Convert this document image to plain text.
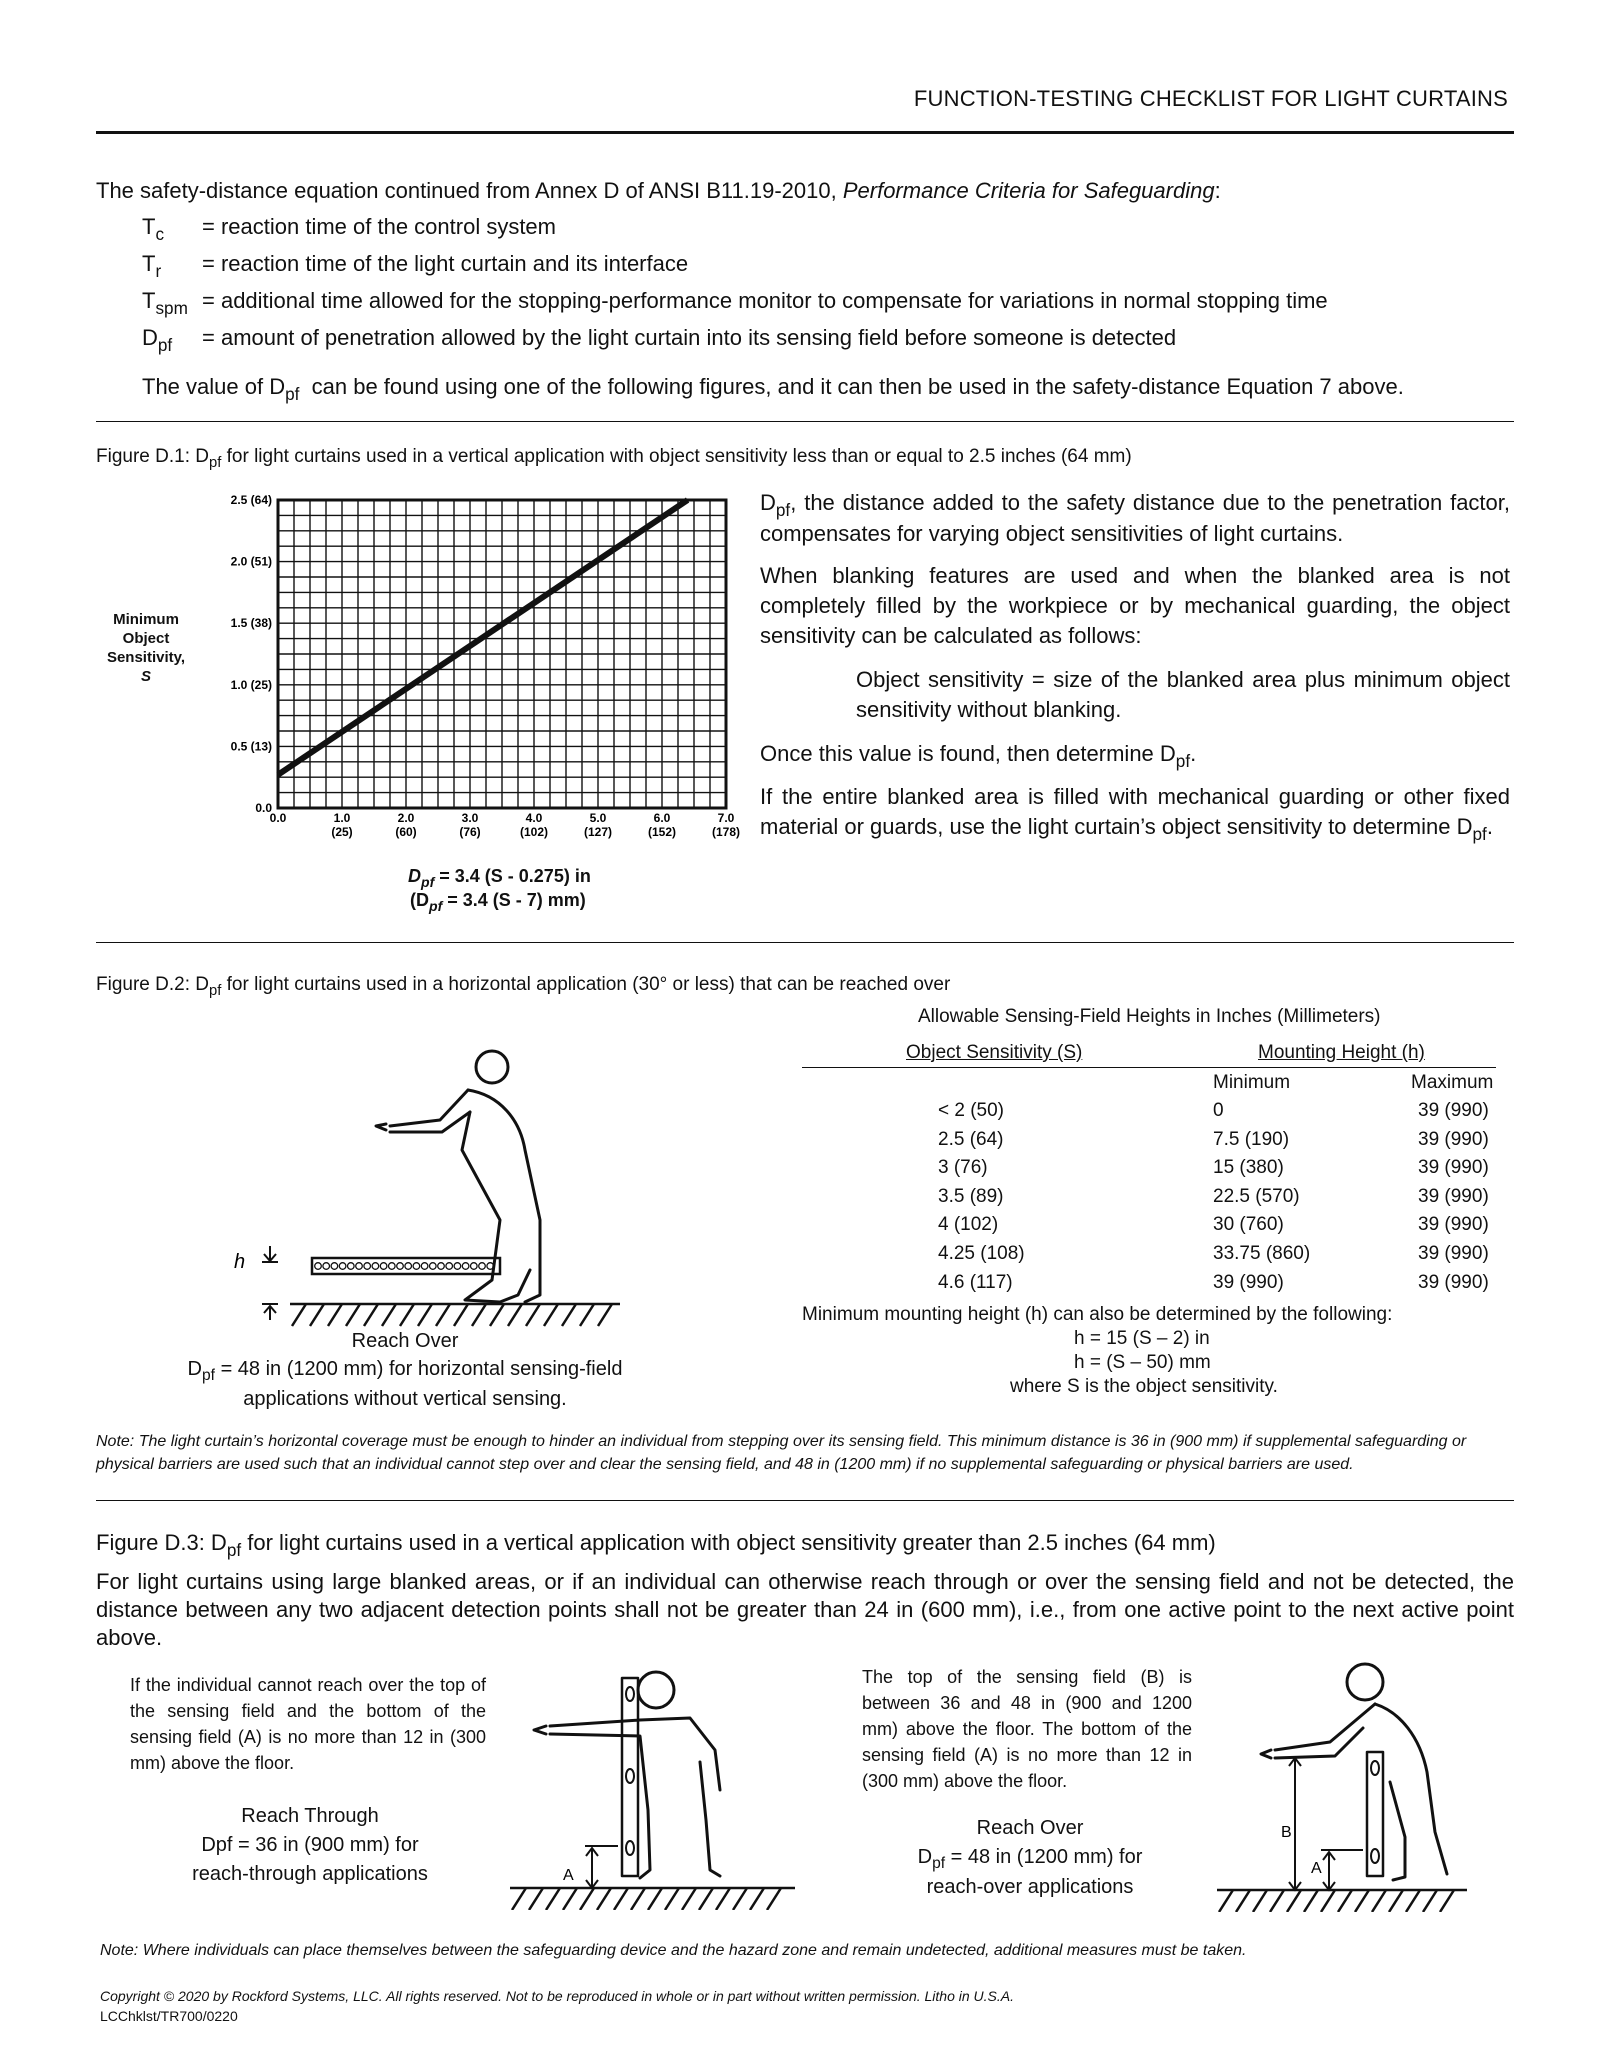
FUNCTION-TESTING CHECKLIST FOR LIGHT CURTAINS
The safety-distance equation continued from Annex D of ANSI B11.19-2010, Performance Criteria for Safeguarding:
$T_c$ = reaction time of the control system
$T_r$ = reaction time of the light curtain and its interface
$T_{spm}$ = additional time allowed for the stopping-performance monitor to compensate for variations in normal stopping time
$D_{pf}$ = amount of penetration allowed by the light curtain into its sensing field before someone is detected
The value of $D_{pf}$ can be found using one of the following figures, and it can then be used in the safety-distance Equation 7 above.
Figure D.1: $D_{pf}$ for light curtains used in a vertical application with object sensitivity less than or equal to 2.5 inches (64 mm)
Minimum
Object
Sensitivity,
S
0.0
0.5 (13)
1.0 (25)
1.5 (38)
2.0 (51)
2.5 (64)
0.0	1.0
(25)
2.0
(60)
3.0
(76)
4.0
(102)
5.0
(127)
6.0
(152)
7.0
(178)
$D_{pf} = 3.4$ (S - 0.275) in
($D_{pf} = 3.4$ (S - 7) mm)
$D_{pf}$, the distance added to the safety distance due to the penetration factor, compensates for varying object sensitivities of light curtains.
When blanking features are used and when the blanked area is not completely filled by the workpiece or by mechanical guarding, the object sensitivity can be calculated as follows:
Object sensitivity = size of the blanked area plus minimum object sensitivity without blanking.
Once this value is found, then determine $D_{pf}$.
If the entire blanked area is filled with mechanical guarding or other fixed material or guards, use the light curtain’s object sensitivity to determine $D_{pf}$.
Figure D.2: $D_{pf}$ for light curtains used in a horizontal application (30° or less) that can be reached over
h
Reach Over
$D_{pf} = 48$ in (1200 mm) for horizontal sensing-field
applications without vertical sensing.
Allowable Sensing-Field Heights in Inches (Millimeters)
Object Sensitivity (S)	Mounting Height (h)
Minimum	Maximum
< 2 (50)	0	39 (990)
2.5 (64)	7.5 (190)	39 (990)
3 (76)	15 (380)	39 (990)
3.5 (89)	22.5 (570)	39 (990)
4 (102)	30 (760)	39 (990)
4.25 (108)	33.75 (860)	39 (990)
4.6 (117)	39 (990)	39 (990)
Minimum mounting height (h) can also be determined by the following:
h = 15 (S – 2) in
h = (S – 50) mm
where S is the object sensitivity.
Note: The light curtain’s horizontal coverage must be enough to hinder an individual from stepping over its sensing field. This minimum distance is 36 in (900 mm) if supplemental safeguarding or physical barriers are used such that an individual cannot step over and clear the sensing field, and 48 in (1200 mm) if no supplemental safeguarding or physical barriers are used.
Figure D.3: $D_{pf}$ for light curtains used in a vertical application with object sensitivity greater than 2.5 inches (64 mm)
For light curtains using large blanked areas, or if an individual can otherwise reach through or over the sensing field and not be detected, the distance between any two adjacent detection points shall not be greater than 24 in (600 mm), i.e., from one active point to the next active point above.
If the individual cannot reach over the top of the sensing field and the bottom of the sensing field (A) is no more than 12 in (300 mm) above the floor.
Reach Through
Dpf = 36 in (900 mm) for
reach-through applications	A
The top of the sensing field (B) is between 36 and 48 in (900 and 1200 mm) above the floor. The bottom of the sensing field (A) is no more than 12 in (300 mm) above the floor.
Reach Over
$D_{pf} = 48$ in (1200 mm) for
reach-over applications
B
A
Note: Where individuals can place themselves between the safeguarding device and the hazard zone and remain undetected, additional measures must be taken.
Copyright © 2020 by Rockford Systems, LLC. All rights reserved. Not to be reproduced in whole or in part without written permission. Litho in U.S.A.
LCChklst/TR700/0220
